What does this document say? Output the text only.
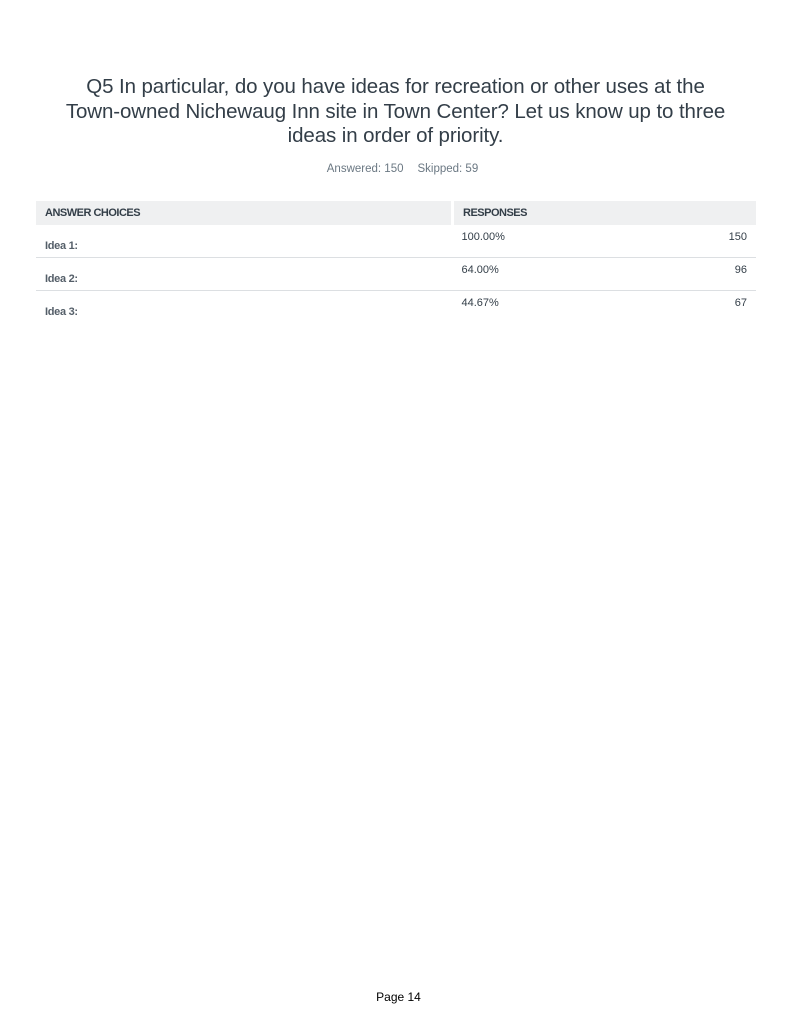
Q5 In particular, do you have ideas for recreation or other uses at the
Town-owned Nichewaug Inn site in Town Center? Let us know up to three
ideas in order of priority.
Answered: 150 Skipped: 59
ANSWER CHOICES	RESPONSES
Idea 1:	100.00% 150

Idea 2:	64.00% 96

Idea 3:	44.67% 67
Page 14
